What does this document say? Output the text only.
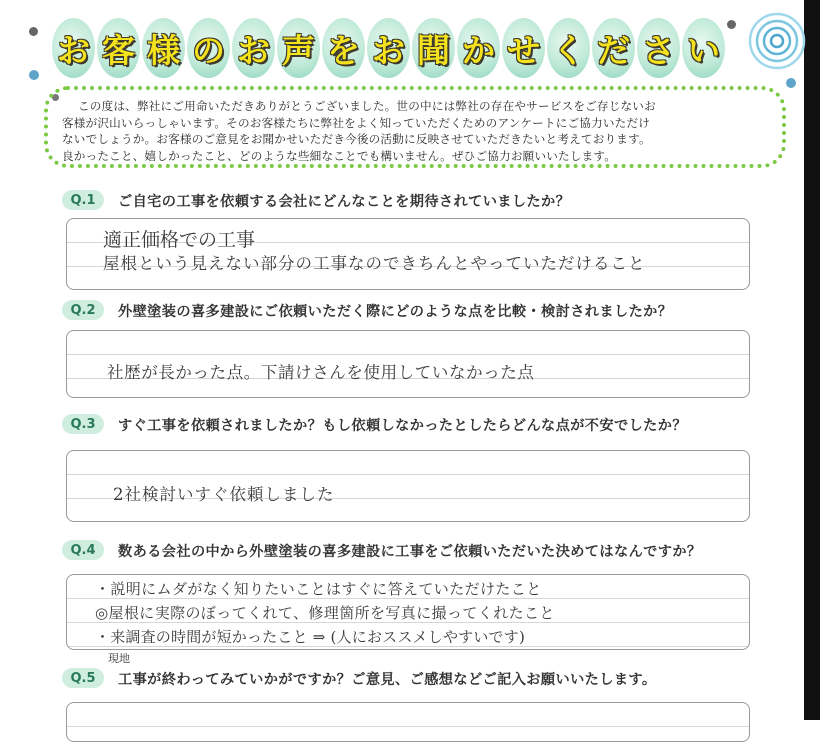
お 客 様 の お 声 を お 聞 か せ く だ さ い

この度は、弊社にご用命いただきありがとうございました。世の中には弊社の存在やサービスをご存じないお

客様が沢山いらっしゃいます。そのお客様たちに弊社をよく知っていただくためのアンケートにご協力いただけ

ないでしょうか。お客様のご意見をお聞かせいただき今後の活動に反映させていただきたいと考えております。

良かったこと、嬉しかったこと、どのような些細なことでも構いません。ぜひご協力お願いいたします。

Q.1	ご自宅の工事を依頼する会社にどんなことを期待されていましたか？
適正価格での工事
屋根という見えない部分の工事なのできちんとやっていただけること
Q.2	外壁塗装の喜多建設にご依頼いただく際にどのような点を比較・検討されましたか？
社歴が長かった点。下請けさんを使用していなかった点
Q.3	すぐ工事を依頼されましたか？もし依頼しなかったとしたらどんな点が不安でしたか？
2社検討いすぐ依頼しました
Q.4	数ある会社の中から外壁塗装の喜多建設に工事をご依頼いただいた決めてはなんですか？
・説明にムダがなく知りたいことはすぐに答えていただけたこと
◎屋根に実際のぼってくれて、修理箇所を写真に撮ってくれたこと
・来調査の時間が短かったこと ⇒ (人におススメしやすいです)
現地
Q.5	工事が終わってみていかがですか？ご意見、ご感想などご記入お願いいたします。
